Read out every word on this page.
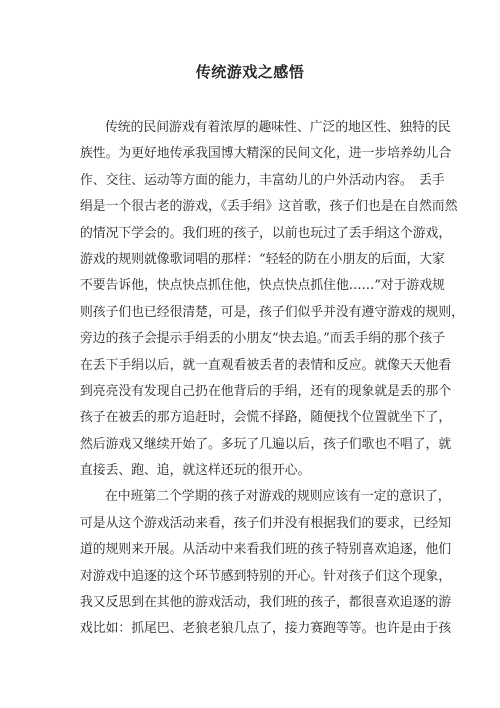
传统游戏之感悟
传统的民间游戏有着浓厚的趣味性、广泛的地区性、独特的民
族性。为更好地传承我国博大精深的民间文化，进一步培养幼儿合
作、交往、运动等方面的能力，丰富幼儿的户外活动内容。　丢手
绢是一个很古老的游戏，《丢手绢》这首歌，孩子们也是在自然而然
的情况下学会的。我们班的孩子，以前也玩过了丢手绢这个游戏，
游戏的规则就像歌词唱的那样：“轻轻的防在小朋友的后面，大家
不要告诉他，快点快点抓住他，快点快点抓住他……”对于游戏规
则孩子们也已经很清楚，可是，孩子们似乎并没有遵守游戏的规则，
旁边的孩子会提示手绢丢的小朋友“快去追。”而丢手绢的那个孩子
在丢下手绢以后，就一直观看被丢者的表情和反应。就像天天他看
到亮亮没有发现自己扔在他背后的手绢，还有的现象就是丢的那个
孩子在被丢的那方追赶时，会慌不择路，随便找个位置就坐下了，
然后游戏又继续开始了。多玩了几遍以后，孩子们歌也不唱了，就
直接丢、跑、追，就这样还玩的很开心。
在中班第二个学期的孩子对游戏的规则应该有一定的意识了，
可是从这个游戏活动来看，孩子们并没有根据我们的要求，已经知
道的规则来开展。从活动中来看我们班的孩子特别喜欢追逐，他们
对游戏中追逐的这个环节感到特别的开心。针对孩子们这个现象，
我又反思到在其他的游戏活动，我们班的孩子，都很喜欢追逐的游
戏比如：抓尾巴、老狼老狼几点了，接力赛跑等等。也许是由于孩
